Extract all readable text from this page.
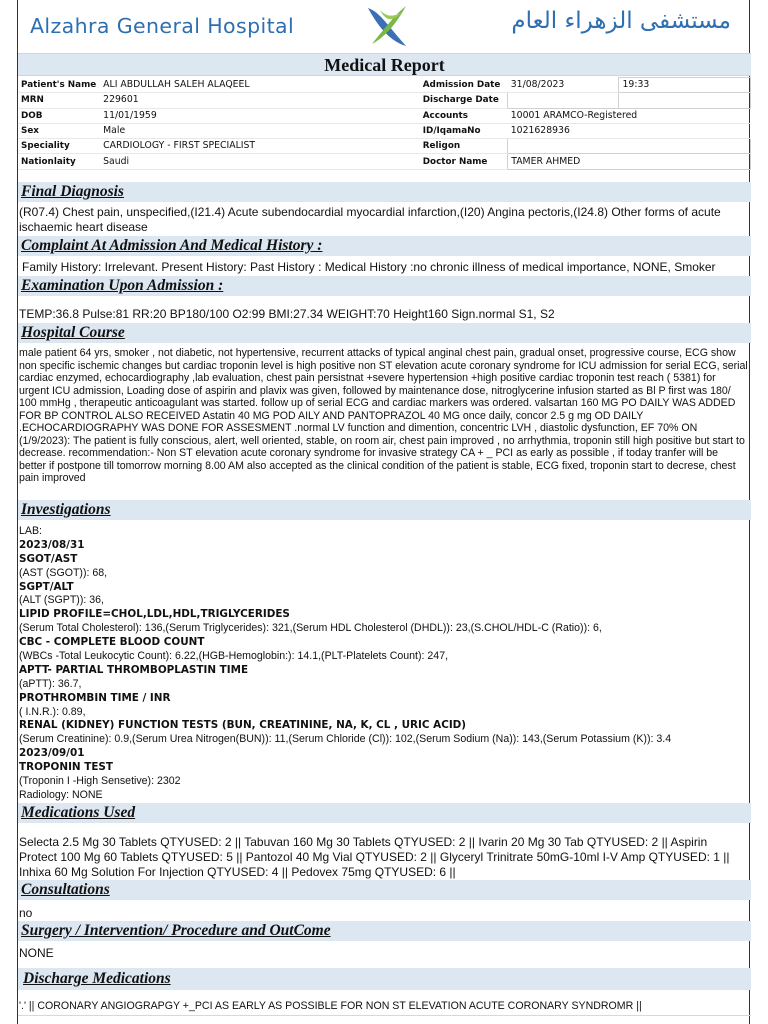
Alzahra General Hospital	مستشفى الزهراء العام
Medical Report
Patient's Name	ALI ABDULLAH SALEH ALAQEEL	Admission Date	31/08/2023	19:33
MRN	229601	Discharge Date		
DOB	11/01/1959	Accounts	10001 ARAMCO-Registered	
Sex	Male	ID/IqamaNo	1021628936	
Speciality	CARDIOLOGY - FIRST SPECIALIST	Religon		
Nationlaity	Saudi	Doctor Name	TAMER AHMED	
Final Diagnosis
(R07.4) Chest pain, unspecified,(I21.4) Acute subendocardial myocardial infarction,(I20) Angina pectoris,(I24.8) Other forms of acute ischaemic heart disease
Complaint At Admission And Medical History :
Family History: Irrelevant. Present History: Past History : Medical History :no chronic illness of medical importance, NONE, Smoker
Examination Upon Admission :
TEMP:36.8 Pulse:81 RR:20 BP180/100 O2:99 BMI:27.34 WEIGHT:70 Height160 Sign.normal S1, S2
Hospital Course
male patient 64 yrs, smoker , not diabetic, not hypertensive, recurrent attacks of typical anginal chest pain, gradual onset, progressive course, ECG show non specific ischemic changes but cardiac troponin level is high positive non ST elevation acute coronary syndrome for ICU admission for serial ECG, serial cardiac enzymed, echocardiography ,lab evaluation, chest pain persistnat +severe hypertension +high positive cardiac troponin test reach ( 5381) for urgent ICU admission, Loading dose of aspirin and plavix was given, followed by maintenance dose, nitroglycerine infusion started as Bl P first was 180/ 100 mmHg , therapeutic anticoagulant was started. follow up of serial ECG and cardiac markers was ordered. valsartan 160 MG PO DAILY WAS ADDED FOR BP CONTROL ALSO RECEIVED Astatin 40 MG POD AILY AND PANTOPRAZOL 40 MG once daily, concor 2.5 g mg OD DAILY .ECHOCARDIOGRAPHY WAS DONE FOR ASSESMENT .normal LV function and dimention, concentric LVH , diastolic dysfunction, EF 70% ON (1/9/2023): The patient is fully conscious, alert, well oriented, stable, on room air, chest pain improved , no arrhythmia, troponin still high positive but start to decrease. recommendation:- Non ST elevation acute coronary syndrome for invasive strategy CA + _ PCI as early as possible , if today tranfer will be better if postpone till tomorrow morning 8.00 AM also accepted as the clinical condition of the patient is stable, ECG fixed, troponin start to decrese, chest pain improved
Investigations
LAB:
2023/08/31
SGOT/AST
(AST (SGOT)): 68,
SGPT/ALT
(ALT (SGPT)): 36,
LIPID PROFILE=CHOL,LDL,HDL,TRIGLYCERIDES
(Serum Total Cholesterol): 136,(Serum Triglycerides): 321,(Serum HDL Cholesterol (DHDL)): 23,(S.CHOL/HDL-C (Ratio)): 6,
CBC - COMPLETE BLOOD COUNT
(WBCs -Total Leukocytic Count): 6.22,(HGB-Hemoglobin:): 14.1,(PLT-Platelets Count): 247,
APTT- PARTIAL THROMBOPLASTIN TIME
(aPTT): 36.7,
PROTHROMBIN TIME / INR
( I.N.R.): 0.89,
RENAL (KIDNEY) FUNCTION TESTS (BUN, CREATININE, NA, K, CL , URIC ACID)
(Serum Creatinine): 0.9,(Serum Urea Nitrogen(BUN)): 11,(Serum Chloride (Cl)): 102,(Serum Sodium (Na)): 143,(Serum Potassium (K)): 3.4
2023/09/01
TROPONIN TEST
(Troponin I -High Sensetive): 2302
Radiology: NONE
Medications Used
Selecta 2.5 Mg 30 Tablets QTYUSED: 2 || Tabuvan 160 Mg 30 Tablets QTYUSED: 2 || Ivarin 20 Mg 30 Tab QTYUSED: 2 || Aspirin Protect 100 Mg 60 Tablets QTYUSED: 5 || Pantozol 40 Mg Vial QTYUSED: 2 || Glyceryl Trinitrate 50mG-10ml I-V Amp QTYUSED: 1 || Inhixa 60 Mg Solution For Injection QTYUSED: 4 || Pedovex 75mg QTYUSED: 6 ||
Consultations
no
Surgery / Intervention/ Procedure and OutCome
NONE
Discharge Medications
'.' || CORONARY ANGIOGRAPGY +_PCI AS EARLY AS POSSIBLE FOR NON ST ELEVATION ACUTE CORONARY SYNDROMR ||
